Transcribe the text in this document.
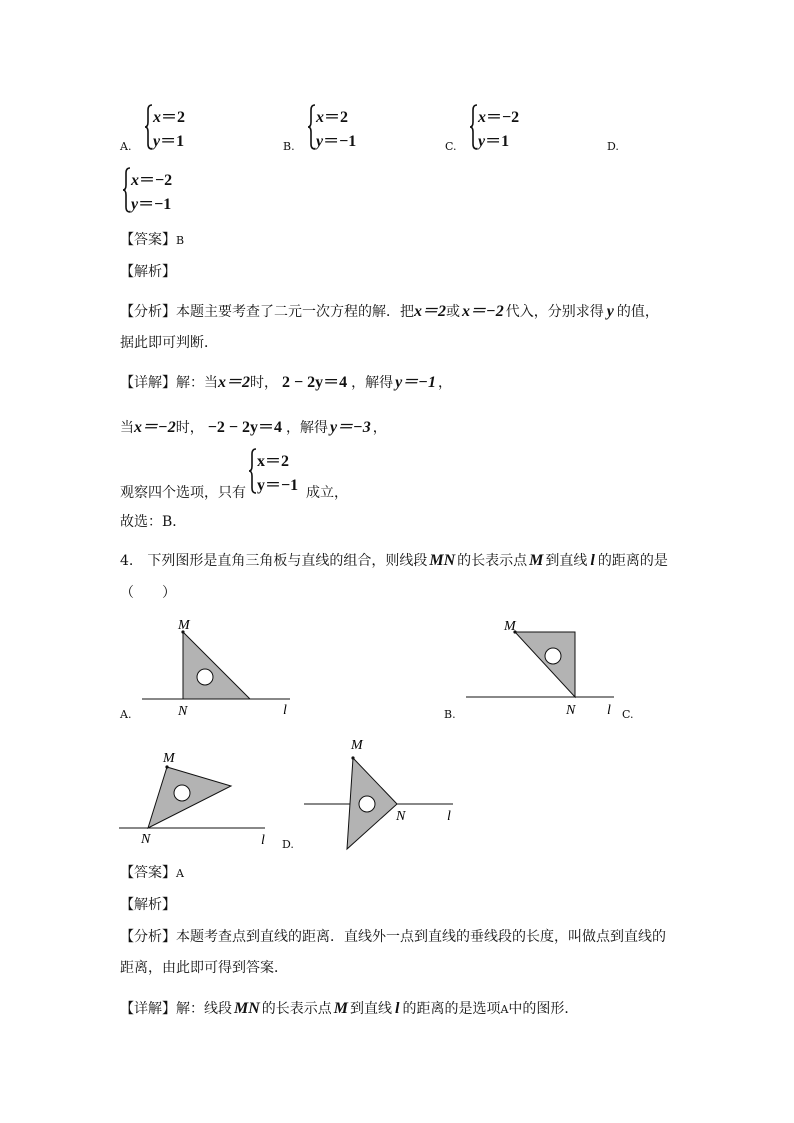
x＝2
y＝1
A.
x＝2
y＝−1
B.
x＝−2
y＝1
C.	D.
x＝−2
y＝−1
【答案】B
【解析】
【分析】本题主要考查了二元一次方程的解．把x＝2或 x＝−2 代入，分别求得 y 的值，
据此即可判断．
【详解】解：当x＝2时， 2 − 2y＝4 ，解得 y＝−1 ，
当x＝−2时， −2 − 2y＝4 ，解得 y＝−3 ，
观察四个选项，只有
x＝2
y＝−1 成立，
故选：B．
4. 下列图形是直角三角板与直线的组合，则线段 MN 的长表示点 M 到直线 l 的距离的是
（　　）
M
N	l
A.
M
N l
B.	C.
M
N	l
M
N	l
D.
【答案】A
【解析】
【分析】本题考查点到直线的距离．直线外一点到直线的垂线段的长度，叫做点到直线的
距离，由此即可得到答案．
【详解】解：线段 MN 的长表示点 M 到直线 l 的距离的是选项A中的图形．
